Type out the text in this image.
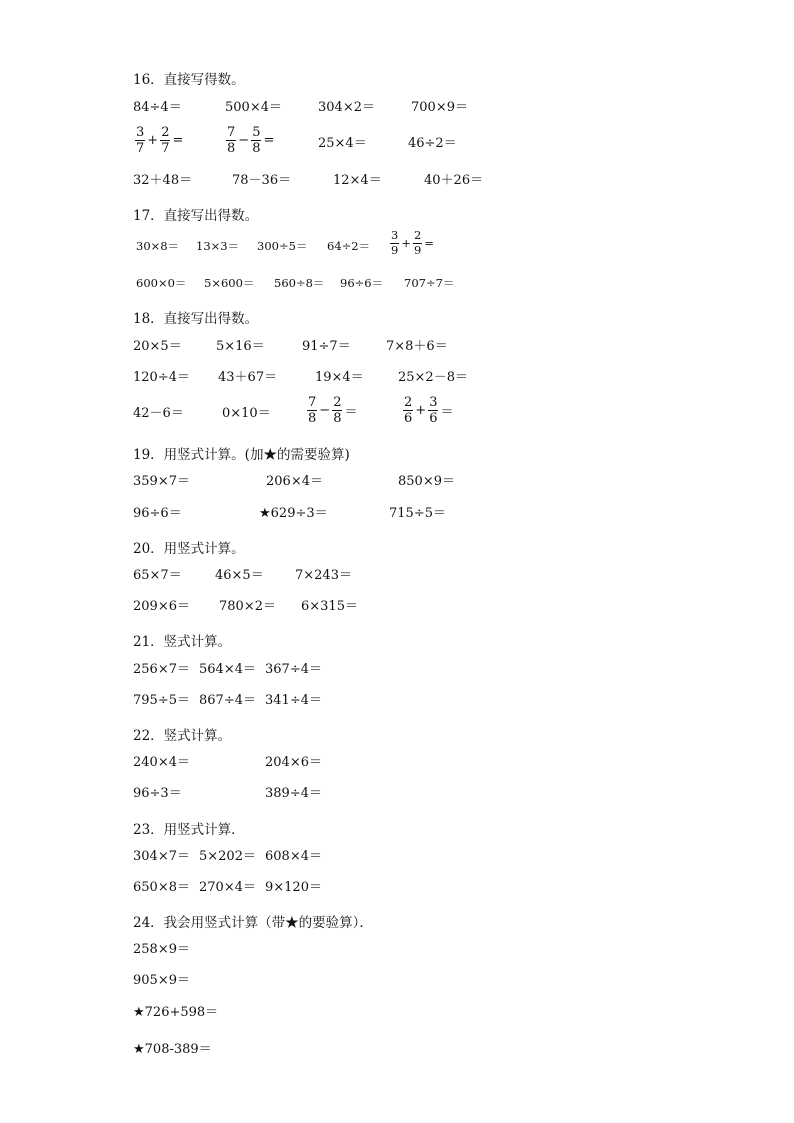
16．直接写得数。
84÷4＝	500×4＝	304×2＝	700×9＝
$\frac{3}{7} + \frac{2}{7}$ =	$\frac{7}{8} - \frac{5}{8}$ =	25×4＝	46÷2＝
32＋48＝	78－36＝	12×4＝	40＋26＝
17．直接写出得数。
$30\times 8= 13\times 3= 300\div 5= 64\div 2= \frac{3}{9} + \frac{2}{9}$ =
600×0＝ 5×600＝ 560÷8＝ 96÷6＝ 707÷7＝
18．直接写出得数。
20×5＝	5×16＝	91÷7＝	7×8＋6＝
120÷4＝ 43＋67＝	19×4＝	25×2－8＝
42－6＝	0×10＝	$\frac{7}{8} - \frac{2}{8}$ ＝	$\frac{2}{6} + \frac{3}{6}$ ＝
19．用竖式计算。(加★的需要验算)
359×7＝	206×4＝	850×9＝
96÷6＝	★629÷3＝	715÷5＝
20．用竖式计算。
65×7＝	46×5＝ 7×243＝
209×6＝ 780×2＝ 6×315＝
21．竖式计算。
256×7＝ 564×4＝ 367÷4＝
795÷5＝ 867÷4＝ 341÷4＝
22．竖式计算。
240×4＝	204×6＝
96÷3＝	389÷4＝
23．用竖式计算．
304×7＝ 5×202＝ 608×4＝
650×8＝ 270×4＝ 9×120＝
24．我会用竖式计算（带★的要验算）．
258×9＝
905×9＝
★726+598＝
★708-389＝
